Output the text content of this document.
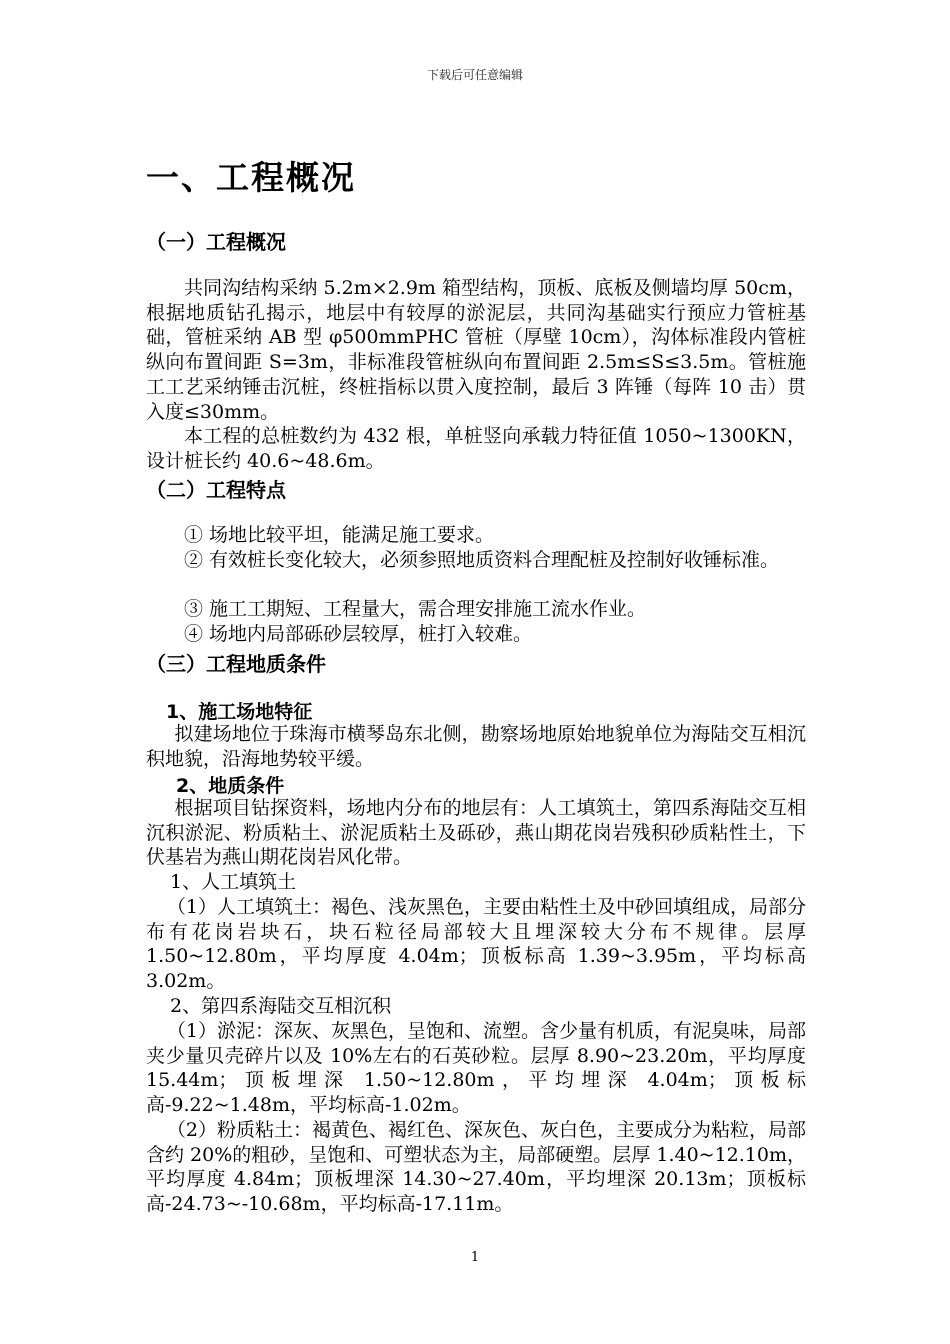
下载后可任意编辑
一、工程概况
（一）工程概况
共同沟结构采纳 5.2m×2.9m 箱型结构，顶板、底板及侧墙均厚 50cm，根据地质钻孔揭示，地层中有较厚的淤泥层，共同沟基础实行预应力管桩基础，管桩采纳 AB 型 φ500mmPHC 管桩（厚壁 10cm），沟体标准段内管桩纵向布置间距 S=3m，非标准段管桩纵向布置间距 2.5m≤S≤3.5m。管桩施工工艺采纳锤击沉桩，终桩指标以贯入度控制，最后 3 阵锤（每阵 10 击）贯入度≤30mm。
本工程的总桩数约为 432 根，单桩竖向承载力特征值 1050~1300KN，设计桩长约 40.6~48.6m。
（二）工程特点
① 场地比较平坦，能满足施工要求。
② 有效桩长变化较大，必须参照地质资料合理配桩及控制好收锤标准。
③ 施工工期短、工程量大，需合理安排施工流水作业。
④ 场地内局部砾砂层较厚，桩打入较难。
（三）工程地质条件
1、施工场地特征
拟建场地位于珠海市横琴岛东北侧，勘察场地原始地貌单位为海陆交互相沉积地貌，沿海地势较平缓。
2、地质条件
根据项目钻探资料，场地内分布的地层有：人工填筑土，第四系海陆交互相沉积淤泥、粉质粘土、淤泥质粘土及砾砂，燕山期花岗岩残积砂质粘性土，下伏基岩为燕山期花岗岩风化带。
1、人工填筑土
（1）人工填筑土：褐色、浅灰黑色，主要由粘性土及中砂回填组成，局部分布有花岗岩块石，块石粒径局部较大且埋深较大分布不规律。层厚 1.50~12.80m，平均厚度 4.04m；顶板标高 1.39~3.95m，平均标高 3.02m。
2、第四系海陆交互相沉积
（1）淤泥：深灰、灰黑色，呈饱和、流塑。含少量有机质，有泥臭味，局部夹少量贝壳碎片以及 10%左右的石英砂粒。层厚 8.90~23.20m，平均厚度 15.44m；顶板埋深 1.50~12.80m，平均埋深 4.04m；顶板标高-9.22~1.48m，平均标高-1.02m。
（2）粉质粘土：褐黄色、褐红色、深灰色、灰白色，主要成分为粘粒，局部含约 20%的粗砂，呈饱和、可塑状态为主，局部硬塑。层厚 1.40~12.10m，平均厚度 4.84m；顶板埋深 14.30~27.40m，平均埋深 20.13m；顶板标高-24.73~-10.68m，平均标高-17.11m。
1
